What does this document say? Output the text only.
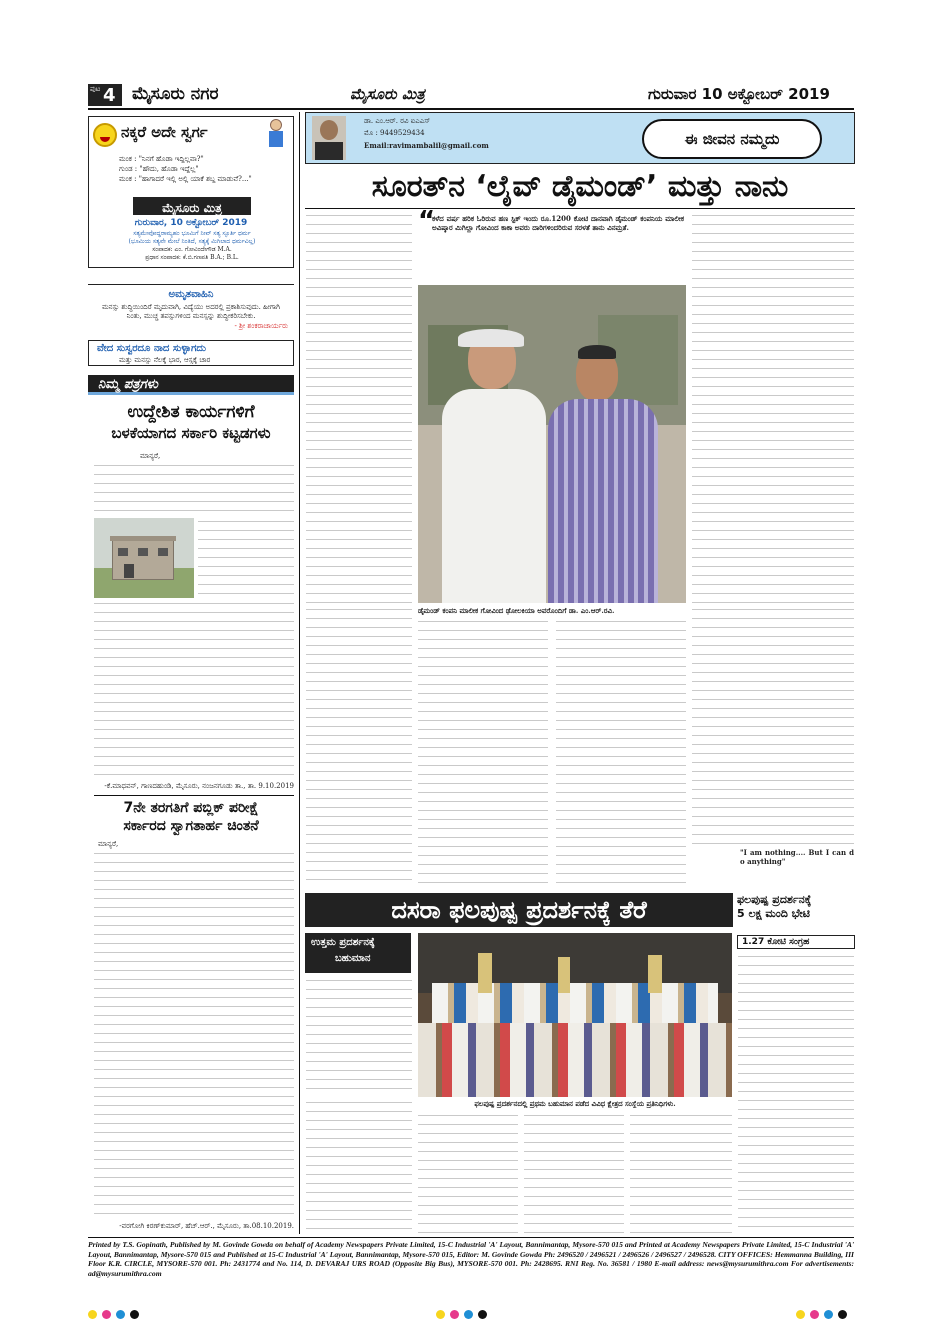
ಪುಟ 4 ಮೈಸೂರು ನಗರ	ಮೈಸೂರು ಮಿತ್ರ	ಗುರುವಾರ 10 ಅಕ್ಟೋಬರ್ 2019
ನಕ್ಕರೆ ಅದೇ ಸ್ವರ್ಗ
ಮಂಕ : "ನಿನಗೆ ಹೊಡಾ ಇದ್ದಿಲ್ಲವಾ?"
ಗುಂಡ : "ಹೌದು, ಹೊಡಾ ಇದ್ದೆಲ್ಲ"
ಮಂಕ : "ಹಾಗಾದರೆ ಇಲ್ಲಿ ಅಲ್ಲಿ ಯಾಕೆ ಶಬ್ದ ಮಾಡುವೆ?..."
ಮೈಸೂರು ಮಿತ್ರ
ಗುರುವಾರ, 10 ಅಕ್ಟೋಬರ್ 2019
ಸತ್ಯಮೇವೋದ್ಧರಾಮ್ಯಹಂ ಭೂಮಿಗೆ ನೀವ್ ಸತ್ಯ ಸ್ಫೂರ್ತಿ ಧರ್ಮ
(ಭೂಮಿಯ ಸತ್ಯವೇ ಮೇಲೆ ನಿಂತಿದೆ, ಸತ್ಯಕ್ಕೆ ಮಿಗಿಲಾದ ಧರ್ಮವಿಲ್ಲ)
ಸಂಪಾದಕ: ಎಂ. ಗೋವಿಂದೇಗೌಡ M.A.
ಪ್ರಧಾನ ಸಂಪಾದಕ: ಕೆ.ಬಿ.ಗಣಪತಿ B.A.; B.L.
ಅಮೃತವಾಹಿನಿ
ಮನಸ್ಸು ಶುದ್ಧಿಯಿಂದಿರೆ ಮೃದುವಾಗಿ, ವಿದ್ಯೆಯು ಅದರಲ್ಲಿ ಪ್ರಕಾಶಿಸುವುದು. ಹೀಗಾಗಿ ನಿಂತು, ಮುಚ್ಚ ತಪಸ್ಸುಗಳಿಂದ ಮನಸ್ಸನ್ನು ಶುದ್ಧೀಕರಿಸಬೇಕು.
- ಶ್ರೀ ಶಂಕರಾಚಾರ್ಯರು
ವೇದ ಸುಸ್ವರದೂ ನಾದ ಸುಳ್ಳಾಗದು
ಮತ್ತು ಮನಸ್ಸು ನೆಲಕ್ಕೆ ಭಾರ, ಆಸ್ಸಕ್ಕೆ ಚಾರ
ನಿಮ್ಮ ಪತ್ರಗಳು
ಉದ್ದೇಶಿತ ಕಾರ್ಯಗಳಿಗೆ
ಬಳಕೆಯಾಗದ ಸರ್ಕಾರಿ ಕಟ್ಟಡಗಳು
ಮಾನ್ಯರೆ,
-ಕೆ.ಮಾಧವನ್, ಗಾಣದಹುಂಡಿ, ಮೈಸೂರು, ನಂಜನಗೂಡು ತಾ., ತಾ. 9.10.2019
7ನೇ ತರಗತಿಗೆ ಪಬ್ಲಿಕ್ ಪರೀಕ್ಷೆ
ಸರ್ಕಾರದ ಸ್ವಾಗತಾರ್ಹ ಚಿಂತನೆ
ಮಾನ್ಯರೆ,
-ವರಗೋಗಿ ಕಿರಣ್‌ಕುಮಾರ್, ಹೆಚ್.ಆರ್., ಮೈಸೂರು, ತಾ.08.10.2019.
ಡಾ. ಎಂ.ಆರ್. ರವಿ ಐಎಎಸ್
ಮೊ : 9449529434
Email:ravimambalil@gmail.com	ಈ ಜೀವನ ನಮ್ಮದು
ಸೂರತ್‌ನ ‘ಲೈವ್ ಡೈಮಂಡ್’ ಮತ್ತು ನಾನು
“
ಕಳೆದ ವರ್ಷ ಹರಿಕ ಓರಿರುವ ಹಣ ಸ್ಟಿಕ್ ಇಂದು ರೂ.1200 ಕೋಟಿ ದಾನವಾಗಿ ಡೈಮಂಡ್ ಕಂಪನಿಯ ಮಾಲೀಕ ಅವಿಷ್ಕಾರ ಮಿಗಿಲ್ಲಾ ಗೋವಿಂದ ಕಾಕಾ ಅವರು ದಾರಿಗಳಿಂದರಿರುವ ಸರಳತೆ ತಾನು ವಿನಮ್ರತೆ.
ಡೈಮಂಡ್ ಕಂಪನಿ ಮಾಲೀಕ ಗೋವಿಂದ ಢೋಲಕಿಯಾ ಅವರೊಂದಿಗೆ ಡಾ. ಎಂ.ಆರ್.ರವಿ.
"I am nothing.... But I can do anything"
ದಸರಾ ಫಲಪುಷ್ಪ ಪ್ರದರ್ಶನಕ್ಕೆ ತೆರೆ	ಫಲಪುಷ್ಪ ಪ್ರದರ್ಶನಕ್ಕೆ
5 ಲಕ್ಷ ಮಂದಿ ಭೇಟಿ
1.27 ಕೋಟಿ ಸಂಗ್ರಹ
ಉತ್ತಮ ಪ್ರದರ್ಶನಕ್ಕೆ
ಬಹುಮಾನ
ಫಲಪುಷ್ಪ ಪ್ರದರ್ಶನದಲ್ಲಿ ಪ್ರಥಮ ಬಹುಮಾನ ಪಡೆದ ವಿವಿಧ ಕ್ಷೇತ್ರದ ಸಂಸ್ಥೆಯ ಪ್ರತಿನಿಧಿಗಳು.
Printed by T.S. Gopinath, Published by M. Govinde Gowda on behalf of Academy Newspapers Private Limited, 15-C Industrial 'A' Layout, Bannimantap, Mysore-570 015 and Printed at Academy Newspapers Private Limited, 15-C Industrial 'A' Layout, Bannimantap, Mysore-570 015 and Published at 15-C Industrial 'A' Layout, Bannimantap, Mysore-570 015, Editor: M. Govinde Gowda Ph: 2496520 / 2496521 / 2496526 / 2496527 / 2496528. CITY OFFICES: Hemmanna Building, III Floor K.R. CIRCLE, MYSORE-570 001. Ph: 2431774 and No. 114, D. DEVARAJ URS ROAD (Opposite Big Bus), MYSORE-570 001. Ph: 2428695. RNI Reg. No. 36581 / 1980 E-mail address: news@mysurumithra.com For advertisements: ad@mysurumithra.com
